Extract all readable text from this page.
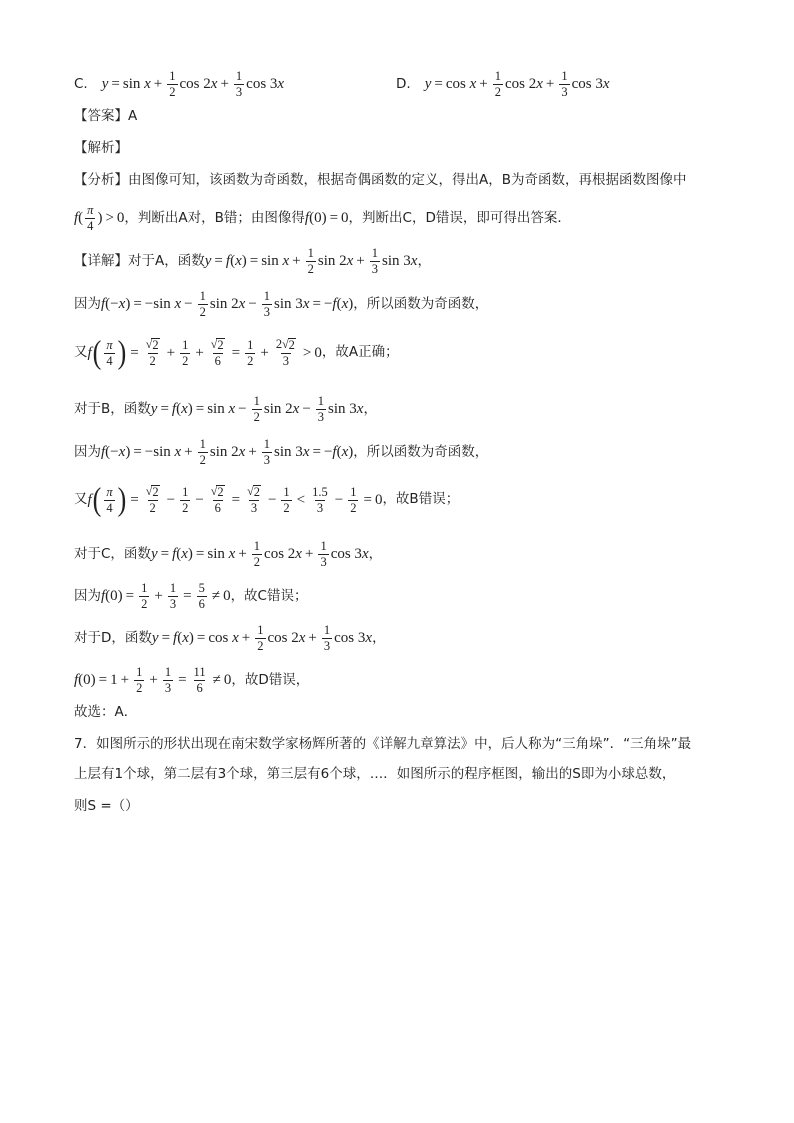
C. $y = \sin x + \frac{1}{2}$ cos 2 $x + \frac{1}{3}$ cos 3 x	D. $y = \cos x + \frac{1}{2}$ cos 2 $x + \frac{1}{3}$ cos 3 x
【答案】A
【解析】
【分析】由图像可知，该函数为奇函数，根据奇偶函数的定义，得出A，B为奇函数，再根据函数图像中
f ( $\frac{\pi}{4}$ ) > 0 ，判断出A对，B错；由图像得 f (0) = 0 ，判断出C，D错误，即可得出答案．
【详解】对于A，函数 y = f ( x ) = $\sin x + \frac{1}{2}$ sin 2 $x + \frac{1}{3}$ sin 3 x ，
因为 f (− x ) = −sin $x - \frac{1}{2}$ sin 2 $x - \frac{1}{3}$ sin 3 x = − f ( x ) ，所以函数为奇函数，
又 f ( $\frac{\pi}{4}$ ) = $\frac{√ 2}{2} + \frac{1}{2} + \frac{√ 2}{6} = \frac{1}{2} + \frac{2 √ 2}{3} > 0$ ，故A正确；
对于B，函数 y = f ( x ) = $\sin x - \frac{1}{2}$ sin 2 $x - \frac{1}{3}$ sin 3 x ，
因为 f (− x ) = −sin $x + \frac{1}{2}$ sin 2 $x + \frac{1}{3}$ sin 3 x = − f ( x ) ，所以函数为奇函数，
又 f ( $\frac{\pi}{4}$ ) = $\frac{√ 2}{2} - \frac{1}{2} - \frac{√ 2}{6} = \frac{√ 2}{3} - \frac{1}{2} < \frac{1.5}{3} - \frac{1}{2} = 0$ ，故B错误；
对于C，函数 y = f ( x ) = $\sin x + \frac{1}{2}$ cos 2 $x + \frac{1}{3}$ cos 3 x ，
因为 f $(0) = \frac{1}{2} + \frac{1}{3} = \frac{5}{6} \ne 0$ ，故C错误；
对于D，函数 y = f ( x ) = $\cos x + \frac{1}{2}$ cos 2 $x + \frac{1}{3}$ cos 3 x ，
f $(0) = 1 + \frac{1}{2} + \frac{1}{3} = \frac{11}{6} \ne 0$ ，故D错误，
故选：A．
7．如图所示的形状出现在南宋数学家杨辉所著的《详解九章算法》中，后人称为“三角垛”．“三角垛”最
上层有1个球，第二层有3个球，第三层有6个球，…．如图所示的程序框图，输出的S即为小球总数，
则S =（）
